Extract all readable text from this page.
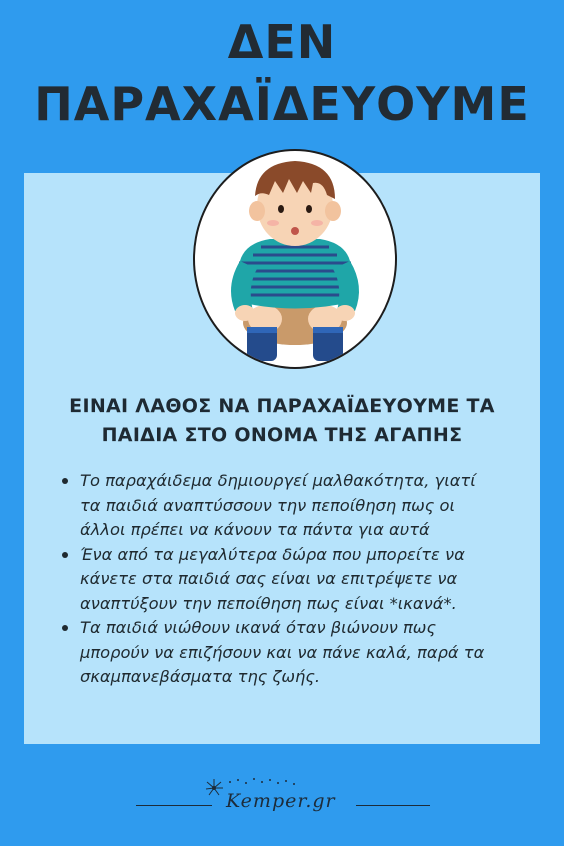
ΔΕΝ
ΠΑΡΑΧΑΪΔΕΥΟΥΜΕ
ΕΙΝΑΙ ΛΑΘΟΣ ΝΑ ΠΑΡΑΧΑΪΔΕΥΟΥΜΕ ΤΑ
ΠΑΙΔΙΑ ΣΤΟ ΟΝΟΜΑ ΤΗΣ ΑΓΑΠΗΣ
Το παραχάιδεμα δημιουργεί μαλθακότητα, γιατί
τα παιδιά αναπτύσσουν την πεποίθηση πως οι
άλλοι πρέπει να κάνουν τα πάντα για αυτά
Ένα από τα μεγαλύτερα δώρα που μπορείτε να
κάνετε στα παιδιά σας είναι να επιτρέψετε να
αναπτύξουν την πεποίθηση πως είναι *ικανά*.
Τα παιδιά νιώθουν ικανά όταν βιώνουν πως
μπορούν να επιζήσουν και να πάνε καλά, παρά τα
σκαμπανεβάσματα της ζωής.
Kemper.gr
